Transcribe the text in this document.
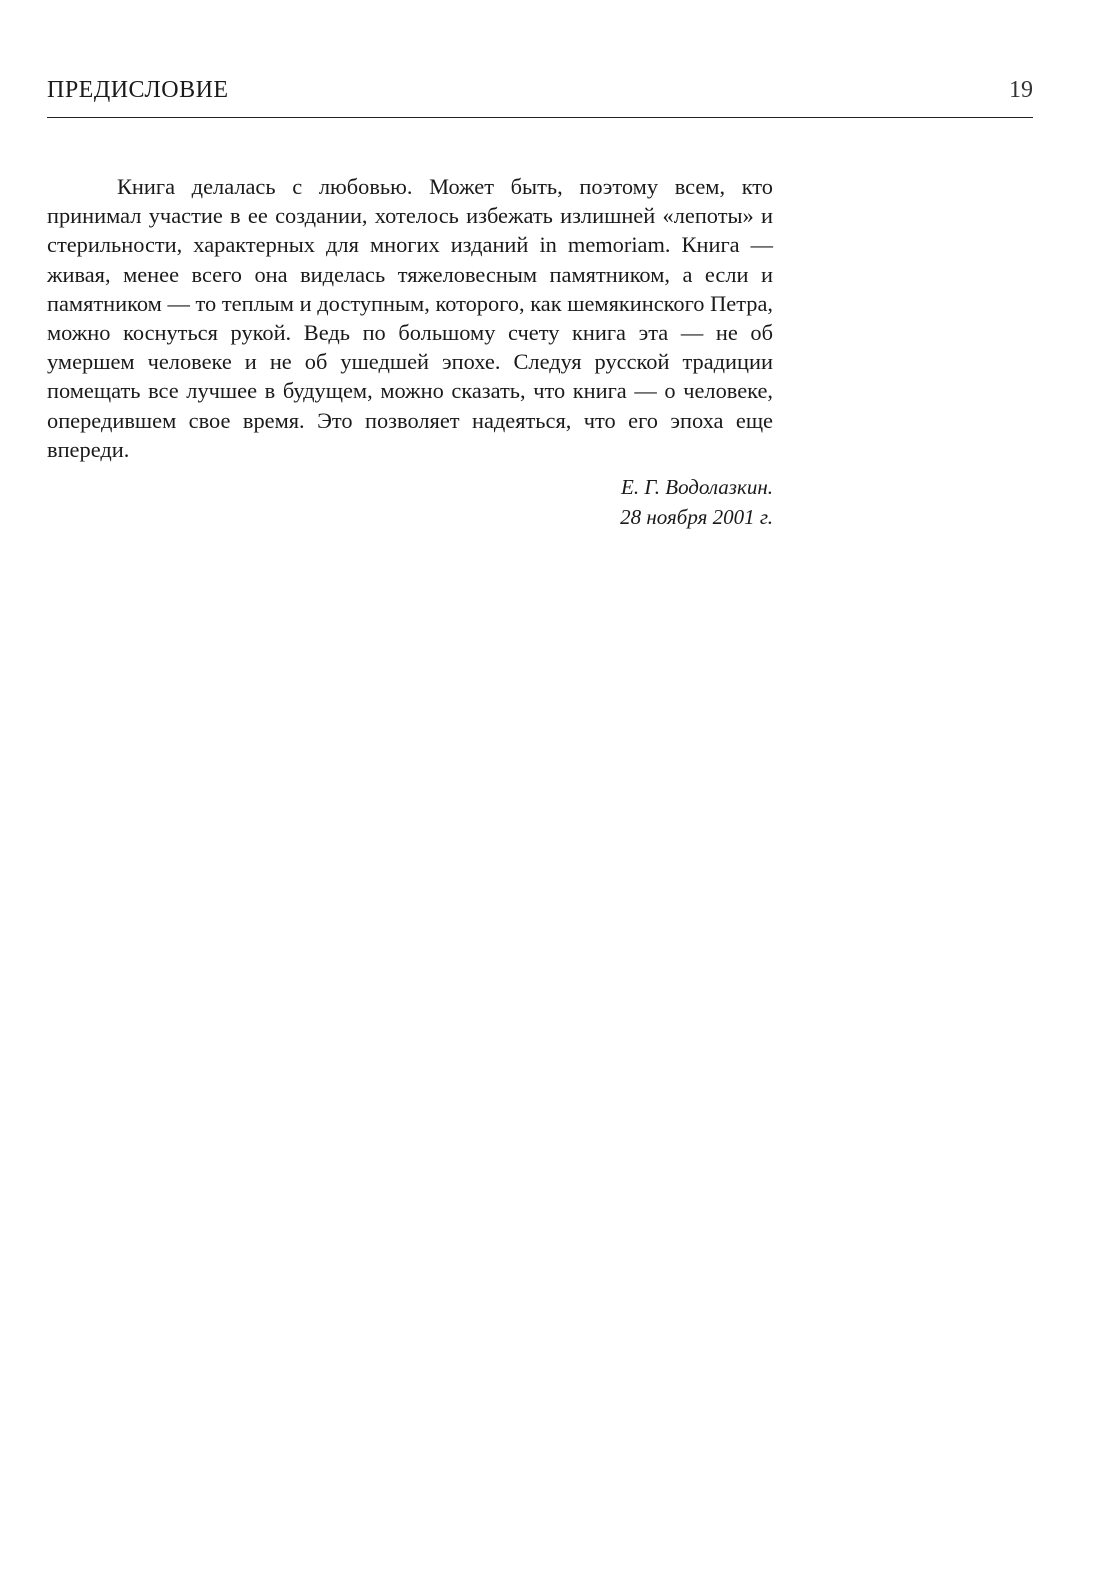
ПРЕДИСЛОВИЕ	19

Книга делалась с любовью. Может быть, поэтому всем, кто принимал участие в ее создании, хотелось избежать излишней «лепоты» и стерильности, характерных для многих изданий in memoriam. Книга — живая, менее всего она виделась тяжеловесным памятником, а если и памятником — то теплым и доступным, которого, как шемякинского Петра, можно коснуться рукой. Ведь по большому счету книга эта — не об умершем человеке и не об ушедшей эпохе. Следуя русской традиции помещать все лучшее в будущем, можно сказать, что книга — о человеке, опередившем свое время. Это позволяет надеяться, что его эпоха еще впереди.

Е. Г. Водолазкин.
28 ноября 2001 г.
